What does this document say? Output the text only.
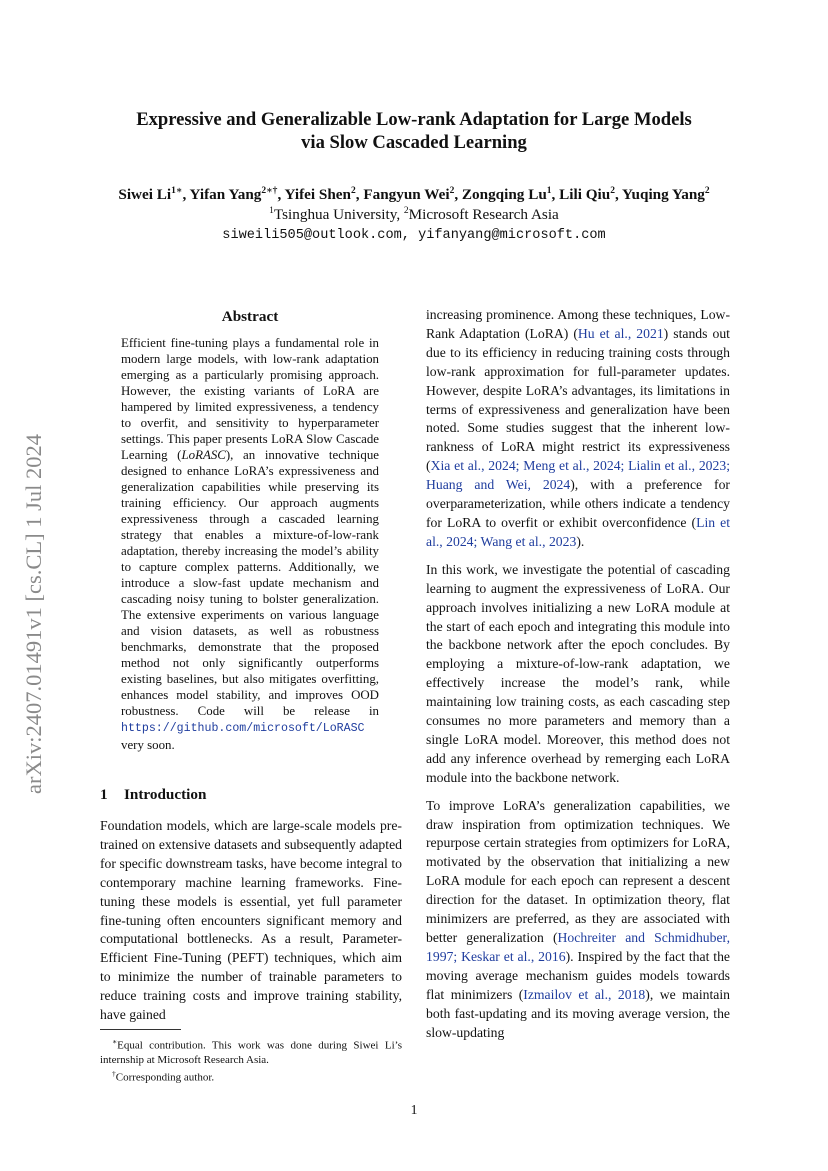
arXiv:2407.01491v1 [cs.CL] 1 Jul 2024
Expressive and Generalizable Low-rank Adaptation for Large Models
via Slow Cascaded Learning
Siwei $Li^{1∗}$, Yifan Yang$^{2∗\dagger}$, Yifei Shen$^2$, Fangyun Wei$^2$, Zongqing Lu$^1$, Lili Qiu$^2$, Yuqing Yang$^2$
$^1$Tsinghua University, $^2$Microsoft Research Asia
siweili505@outlook.com, yifanyang@microsoft.com
Abstract
Efficient fine-tuning plays a fundamental role in modern large models, with low-rank adaptation emerging as a particularly promising approach. However, the existing variants of LoRA are hampered by limited expressiveness, a tendency to overfit, and sensitivity to hyperparameter settings. This paper presents LoRA Slow Cascade Learning (LoRASC), an innovative technique designed to enhance LoRA’s expressiveness and generalization capabilities while preserving its training efficiency. Our approach augments expressiveness through a cascaded learning strategy that enables a mixture-of-low-rank adaptation, thereby increasing the model’s ability to capture complex patterns. Additionally, we introduce a slow-fast update mechanism and cascading noisy tuning to bolster generalization. The extensive experiments on various language and vision datasets, as well as robustness benchmarks, demonstrate that the proposed method not only significantly outperforms existing baselines, but also mitigates overfitting, enhances model stability, and improves OOD robustness. Code will be release in https://github.com/microsoft/LoRASC very soon.
1 Introduction
Foundation models, which are large-scale models pre-trained on extensive datasets and subsequently adapted for specific downstream tasks, have become integral to contemporary machine learning frameworks. Fine-tuning these models is essential, yet full parameter fine-tuning often encounters significant memory and computational bottlenecks. As a result, Parameter-Efficient Fine-Tuning (PEFT) techniques, which aim to minimize the number of trainable parameters to reduce training costs and improve training stability, have gained

increasing prominence. Among these techniques, Low-Rank Adaptation (LoRA) (Hu et al., 2021) stands out due to its efficiency in reducing training costs through low-rank approximation for full-parameter updates. However, despite LoRA’s advantages, its limitations in terms of expressiveness and generalization have been noted. Some studies suggest that the inherent low-rankness of LoRA might restrict its expressiveness (Xia et al., 2024; Meng et al., 2024; Lialin et al., 2023; Huang and Wei, 2024), with a preference for overparameterization, while others indicate a tendency for LoRA to overfit or exhibit overconfidence (Lin et al., 2024; Wang et al., 2023).

In this work, we investigate the potential of cascading learning to augment the expressiveness of LoRA. Our approach involves initializing a new LoRA module at the start of each epoch and integrating this module into the backbone network after the epoch concludes. By employing a mixture-of-low-rank adaptation, we effectively increase the model’s rank, while maintaining low training costs, as each cascading step consumes no more parameters and memory than a single LoRA model. Moreover, this method does not add any inference overhead by remerging each LoRA module into the backbone network.

To improve LoRA’s generalization capabilities, we draw inspiration from optimization techniques. We repurpose certain strategies from optimizers for LoRA, motivated by the observation that initializing a new LoRA module for each epoch can represent a descent direction for the dataset. In optimization theory, flat minimizers are preferred, as they are associated with better generalization (Hochreiter and Schmidhuber, 1997; Keskar et al., 2016). Inspired by the fact that the moving average mechanism guides models towards flat minimizers (Izmailov et al., 2018), we maintain both fast-updating and its moving average version, the slow-updating

∗Equal contribution. This work was done during Siwei Li’s internship at Microsoft Research Asia.
†Corresponding author.
1
